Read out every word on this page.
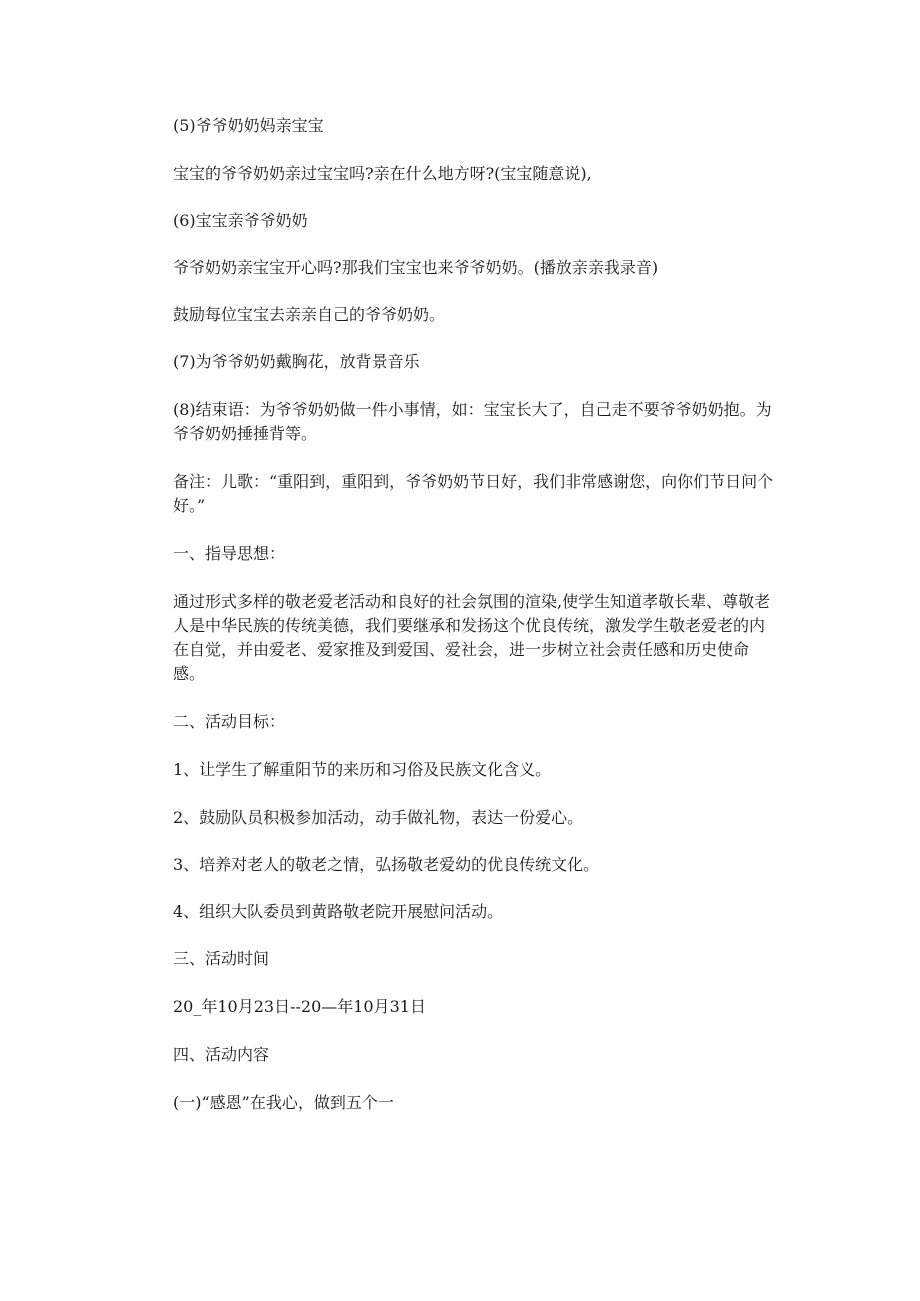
(5)爷爷奶奶妈亲宝宝

宝宝的爷爷奶奶亲过宝宝吗?亲在什么地方呀?(宝宝随意说),

(6)宝宝亲爷爷奶奶

爷爷奶奶亲宝宝开心吗?那我们宝宝也来爷爷奶奶。(播放亲亲我录音)

鼓励每位宝宝去亲亲自己的爷爷奶奶。

(7)为爷爷奶奶戴胸花，放背景音乐

(8)结束语：为爷爷奶奶做一件小事情，如：宝宝长大了，自己走不要爷爷奶奶抱。为爷爷奶奶捶捶背等。

备注：儿歌：“重阳到，重阳到，爷爷奶奶节日好，我们非常感谢您，向你们节日问个好。”

一、指导思想：

通过形式多样的敬老爱老活动和良好的社会氛围的渲染,使学生知道孝敬长辈、尊敬老人是中华民族的传统美德，我们要继承和发扬这个优良传统，激发学生敬老爱老的内在自觉，并由爱老、爱家推及到爱国、爱社会，进一步树立社会责任感和历史使命感。

二、活动目标：

1、让学生了解重阳节的来历和习俗及民族文化含义。

2、鼓励队员积极参加活动，动手做礼物，表达一份爱心。

3、培养对老人的敬老之情，弘扬敬老爱幼的优良传统文化。

4、组织大队委员到黄路敬老院开展慰问活动。

三、活动时间

20_年10月23日--20—年10月31日

四、活动内容

(一)“感恩”在我心，做到五个一
